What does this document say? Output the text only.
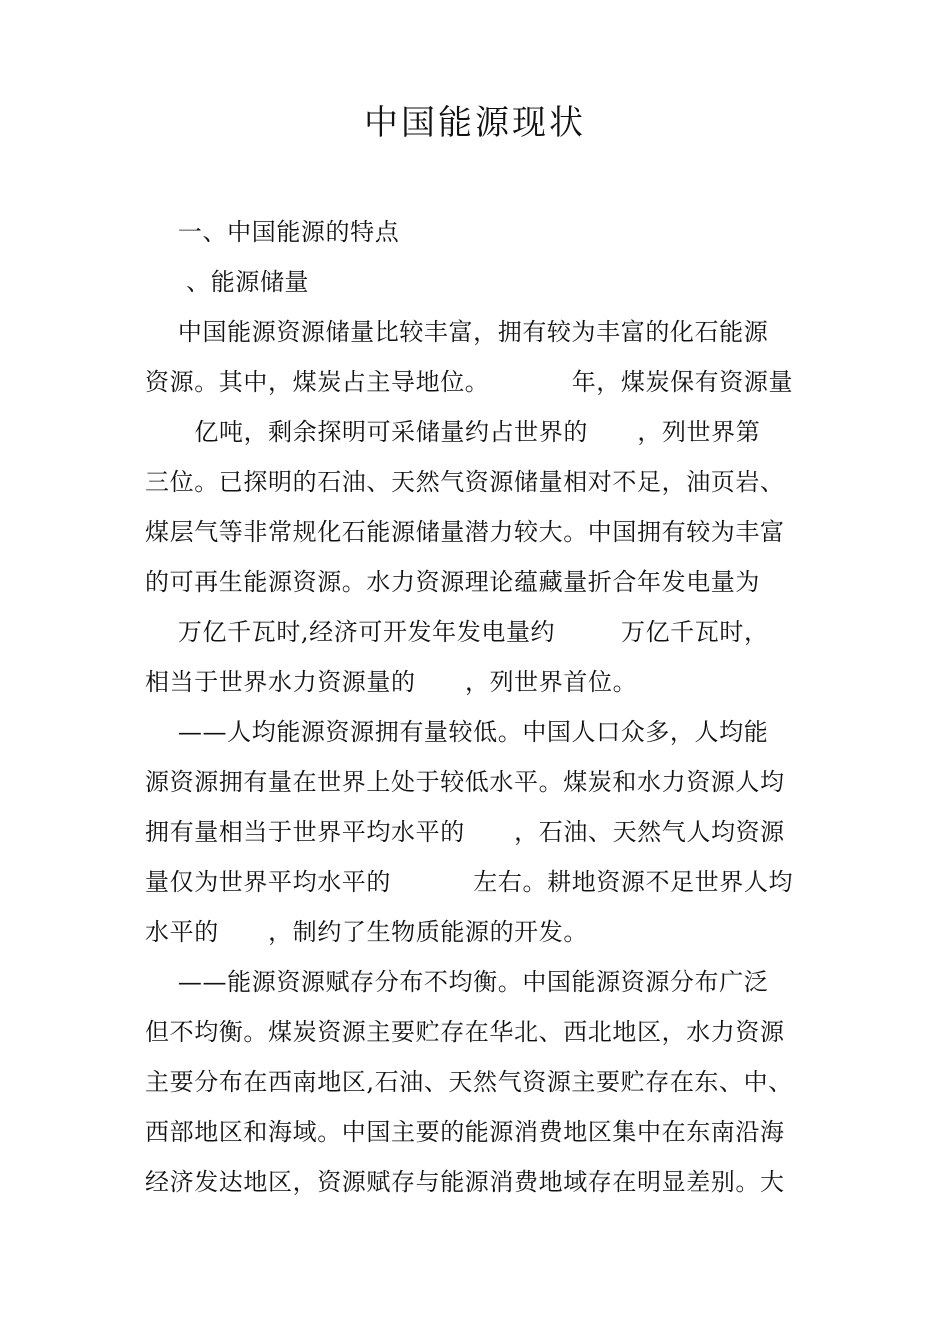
中国能源现状
一、中国能源的特点
、能源储量
中国能源资源储量比较丰富，拥有较为丰富的化石能源
资源。其中，煤炭占主导地位。          年，煤炭保有资源量
亿吨，剩余探明可采储量约占世界的      ，列世界第
三位。已探明的石油、天然气资源储量相对不足，油页岩、
煤层气等非常规化石能源储量潜力较大。中国拥有较为丰富
的可再生能源资源。水力资源理论蕴藏量折合年发电量为
万亿千瓦时,经济可开发年发电量约        万亿千瓦时，
相当于世界水力资源量的      ，列世界首位。
——人均能源资源拥有量较低。中国人口众多，人均能
源资源拥有量在世界上处于较低水平。煤炭和水力资源人均
拥有量相当于世界平均水平的      ，石油、天然气人均资源
量仅为世界平均水平的          左右。耕地资源不足世界人均
水平的      ，制约了生物质能源的开发。
——能源资源赋存分布不均衡。中国能源资源分布广泛
但不均衡。煤炭资源主要贮存在华北、西北地区，水力资源
主要分布在西南地区,石油、天然气资源主要贮存在东、中、
西部地区和海域。中国主要的能源消费地区集中在东南沿海
经济发达地区，资源赋存与能源消费地域存在明显差别。大
